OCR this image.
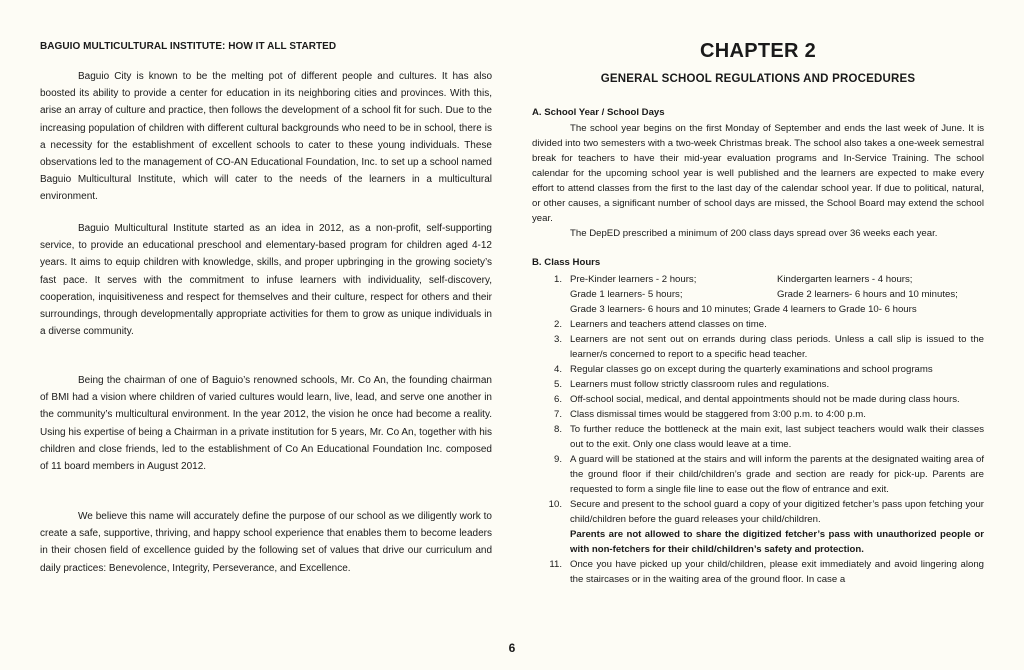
BAGUIO MULTICULTURAL INSTITUTE: HOW IT ALL STARTED

Baguio City is known to be the melting pot of different people and cultures. It has also boosted its ability to provide a center for education in its neighboring cities and provinces. With this, arise an array of culture and practice, then follows the development of a school fit for such. Due to the increasing population of children with different cultural backgrounds who need to be in school, there is a necessity for the establishment of excellent schools to cater to these young individuals. These observations led to the management of CO-AN Educational Foundation, Inc. to set up a school named Baguio Multicultural Institute, which will cater to the needs of the learners in a multicultural environment.

Baguio Multicultural Institute started as an idea in 2012, as a non-profit, self-supporting service, to provide an educational preschool and elementary-based program for children aged 4-12 years. It aims to equip children with knowledge, skills, and proper upbringing in the growing society’s fast pace. It serves with the commitment to infuse learners with individuality, self-discovery, cooperation, inquisitiveness and respect for themselves and their culture, respect for others and their surroundings, through developmentally appropriate activities for them to grow as unique individuals in a diverse community.

Being the chairman of one of Baguio’s renowned schools, Mr. Co An, the founding chairman of BMI had a vision where children of varied cultures would learn, live, lead, and serve one another in the community’s multicultural environment. In the year 2012, the vision he once had become a reality. Using his expertise of being a Chairman in a private institution for 5 years, Mr. Co An, together with his children and close friends, led to the establishment of Co An Educational Foundation Inc. composed of 11 board members in August 2012.

We believe this name will accurately define the purpose of our school as we diligently work to create a safe, supportive, thriving, and happy school experience that enables them to become leaders in their chosen field of excellence guided by the following set of values that drive our curriculum and daily practices: Benevolence, Integrity, Perseverance, and Excellence.

CHAPTER 2
GENERAL SCHOOL REGULATIONS AND PROCEDURES
A. School Year / School Days

The school year begins on the first Monday of September and ends the last week of June. It is divided into two semesters with a two-week Christmas break. The school also takes a one-week semestral break for teachers to have their mid-year evaluation programs and In-Service Training. The school calendar for the upcoming school year is well published and the learners are expected to make every effort to attend classes from the first to the last day of the calendar school year. If due to political, natural, or other causes, a significant number of school days are missed, the School Board may extend the school year.

The DepED prescribed a minimum of 200 class days spread over 36 weeks each year.

B. Class Hours
1. Pre-Kinder learners - 2 hours;	Kindergarten learners - 4 hours;
Grade 1 learners- 5 hours;	Grade 2 learners- 6 hours and 10 minutes;
Grade 3 learners- 6 hours and 10 minutes; Grade 4 learners to Grade 10- 6 hours
2. Learners and teachers attend classes on time.
3. Learners are not sent out on errands during class periods. Unless a call slip is issued to the learner/s concerned to report to a specific head teacher.
4. Regular classes go on except during the quarterly examinations and school programs
5. Learners must follow strictly classroom rules and regulations.
6. Off-school social, medical, and dental appointments should not be made during class hours.
7. Class dismissal times would be staggered from 3:00 p.m. to 4:00 p.m.
8. To further reduce the bottleneck at the main exit, last subject teachers would walk their classes out to the exit. Only one class would leave at a time.
9. A guard will be stationed at the stairs and will inform the parents at the designated waiting area of the ground floor if their child/children’s grade and section are ready for pick-up. Parents are requested to form a single file line to ease out the flow of entrance and exit.
10. Secure and present to the school guard a copy of your digitized fetcher’s pass upon fetching your child/children before the guard releases your child/children.
Parents are not allowed to share the digitized fetcher’s pass with unauthorized people or with non-fetchers for their child/children’s safety and protection.
11. Once you have picked up your child/children, please exit immediately and avoid lingering along the staircases or in the waiting area of the ground floor. In case a
6
